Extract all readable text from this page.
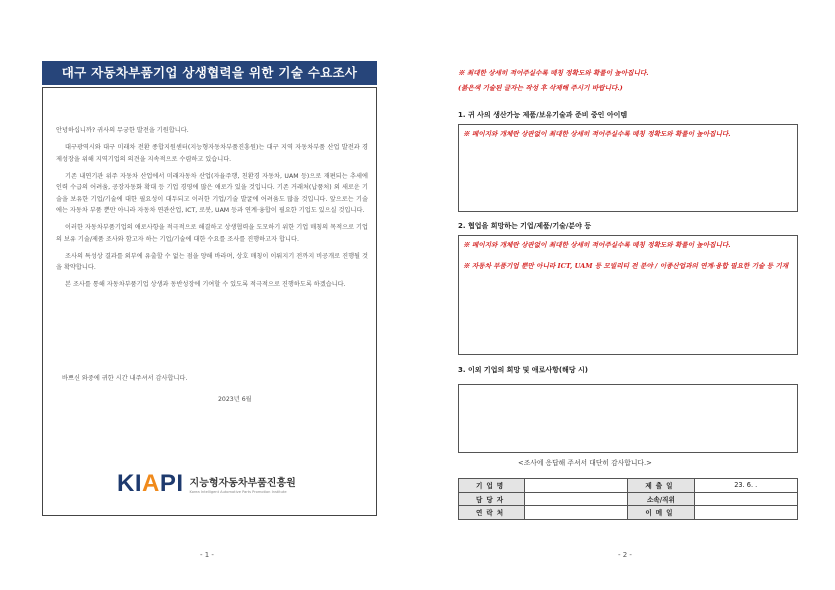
대구 자동차부품기업 상생협력을 위한 기술 수요조사

안녕하십니까? 귀사의 무궁한 발전을 기원합니다.

대구광역시와 대구 미래차 전환 종합지원센터(지능형자동차부품진흥원)는 대구 지역 자동차부품 산업 발전과 경제성장을 위해 지역기업의 의견을 지속적으로 수렴하고 있습니다.

기존 내연기관 위주 자동차 산업에서 미래자동차 산업(자율주행, 친환경 자동차, UAM 등)으로 재편되는 추세에 인력 수급의 어려움, 공장자동화 확대 등 기업 경영에 많은 애로가 있을 것입니다. 기존 거래처(납품처) 외 새로운 기술을 보유한 기업/기술에 대한 필요성이 대두되고 이러한 기업/기술 발굴에 어려움도 많을 것입니다. 앞으로는 기술에는 자동차 부품 뿐만 아니라 자동차 연관산업, ICT, 로봇, UAM 등과 연계·융합이 필요한 기업도 있으실 것입니다.

이러한 자동차부품기업의 애로사항을 적극적으로 해결하고 상생협력을 도모하기 위한 기업 매칭의 목적으로 기업의 보유 기술/제품 조사와 함고자 하는 기업/기술에 대한 수요를 조사를 진행하고자 합니다.

조사의 특성상 결과를 외부에 유출할 수 없는 점을 양해 바라며, 상호 매칭이 이뤄지기 전까지 비공개로 진행될 것을 확약합니다.

본 조사를 통해 자동차부품기업 상생과 동반성장에 기여할 수 있도록 적극적으로 진행하도록 하겠습니다.

바쁘신 와중에 귀한 시간 내주셔서 감사합니다.
2023년 6월
KIAPI 지능형자동차부품진흥원
Korea Intelligent Automotive Parts Promotion Institute
- 1 -
※ 최대한 상세히 적어주실수록 매칭 정확도와 확률이 높아집니다.
(붉은색 기술된 글자는 작성 후 삭제해 주시기 바랍니다.)
1. 귀 사의 생산가능 제품/보유기술과 준비 중인 아이템

※ 페이지와 개체란 상관없이 최대한 상세히 적어주실수록 매칭 정확도와 확률이 높아집니다.

2. 협업을 희망하는 기업/제품/기술/분야 등

※ 페이지와 개체란 상관없이 최대한 상세히 적어주실수록 매칭 정확도와 확률이 높아집니다.

※ 자동차 부품기업 뿐만 아니라 ICT, UAM 등 모빌리티 전 분야 / 이종산업과의 연계·융합 필요한 기술 등 기재

3. 이외 기업의 희망 및 애로사항(해당 시)
<조사에 응답해 주셔서 대단히 감사합니다.>
기업명		제출일	23. 6. .
담당자		소속/직위	
연락처		이메일	
- 2 -
